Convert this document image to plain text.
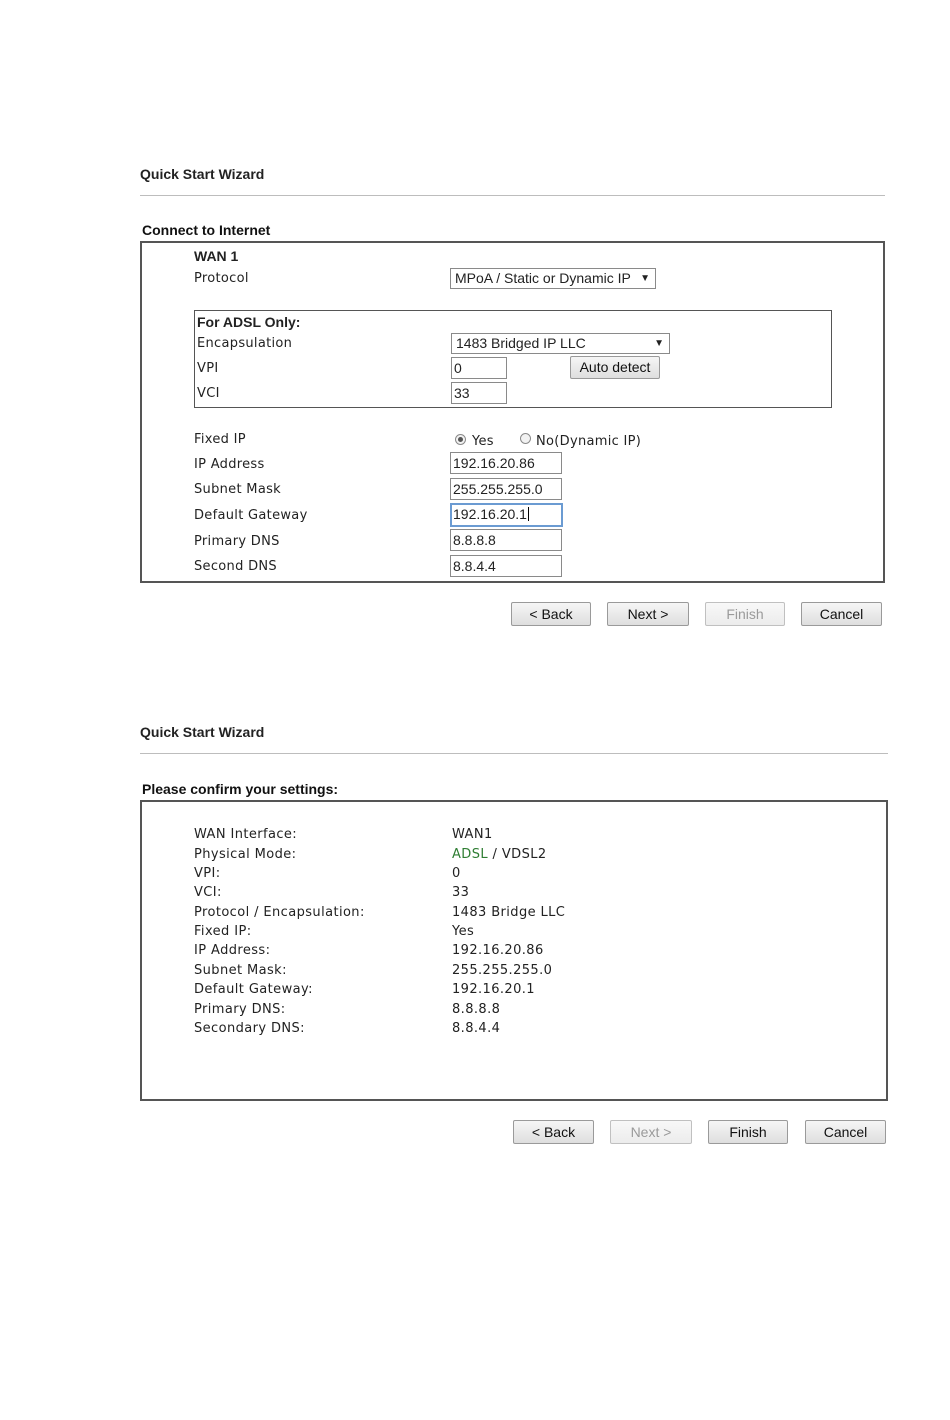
Quick Start Wizard
Connect to Internet
WAN 1
Protocol	MPoA / Static or Dynamic IP ▼
For ADSL Only:
Encapsulation	1483 Bridged IP LLC	▼
VPI	0	Auto detect
VCI	33
Fixed IP	Yes	No(Dynamic IP)
IP Address	192.16.20.86
Subnet Mask	255.255.255.0
Default Gateway	192.16.20.1
Primary DNS	8.8.8.8
Second DNS	8.8.4.4
< Back	Next >	Finish	Cancel
Quick Start Wizard
Please confirm your settings:
WAN Interface:	WAN1
Physical Mode:	ADSL / VDSL2
VPI:	0
VCI:	33
Protocol / Encapsulation:	1483 Bridge LLC
Fixed IP:	Yes
IP Address:	192.16.20.86
Subnet Mask:	255.255.255.0
Default Gateway:	192.16.20.1
Primary DNS:	8.8.8.8
Secondary DNS:	8.8.4.4
< Back	Next >	Finish	Cancel
